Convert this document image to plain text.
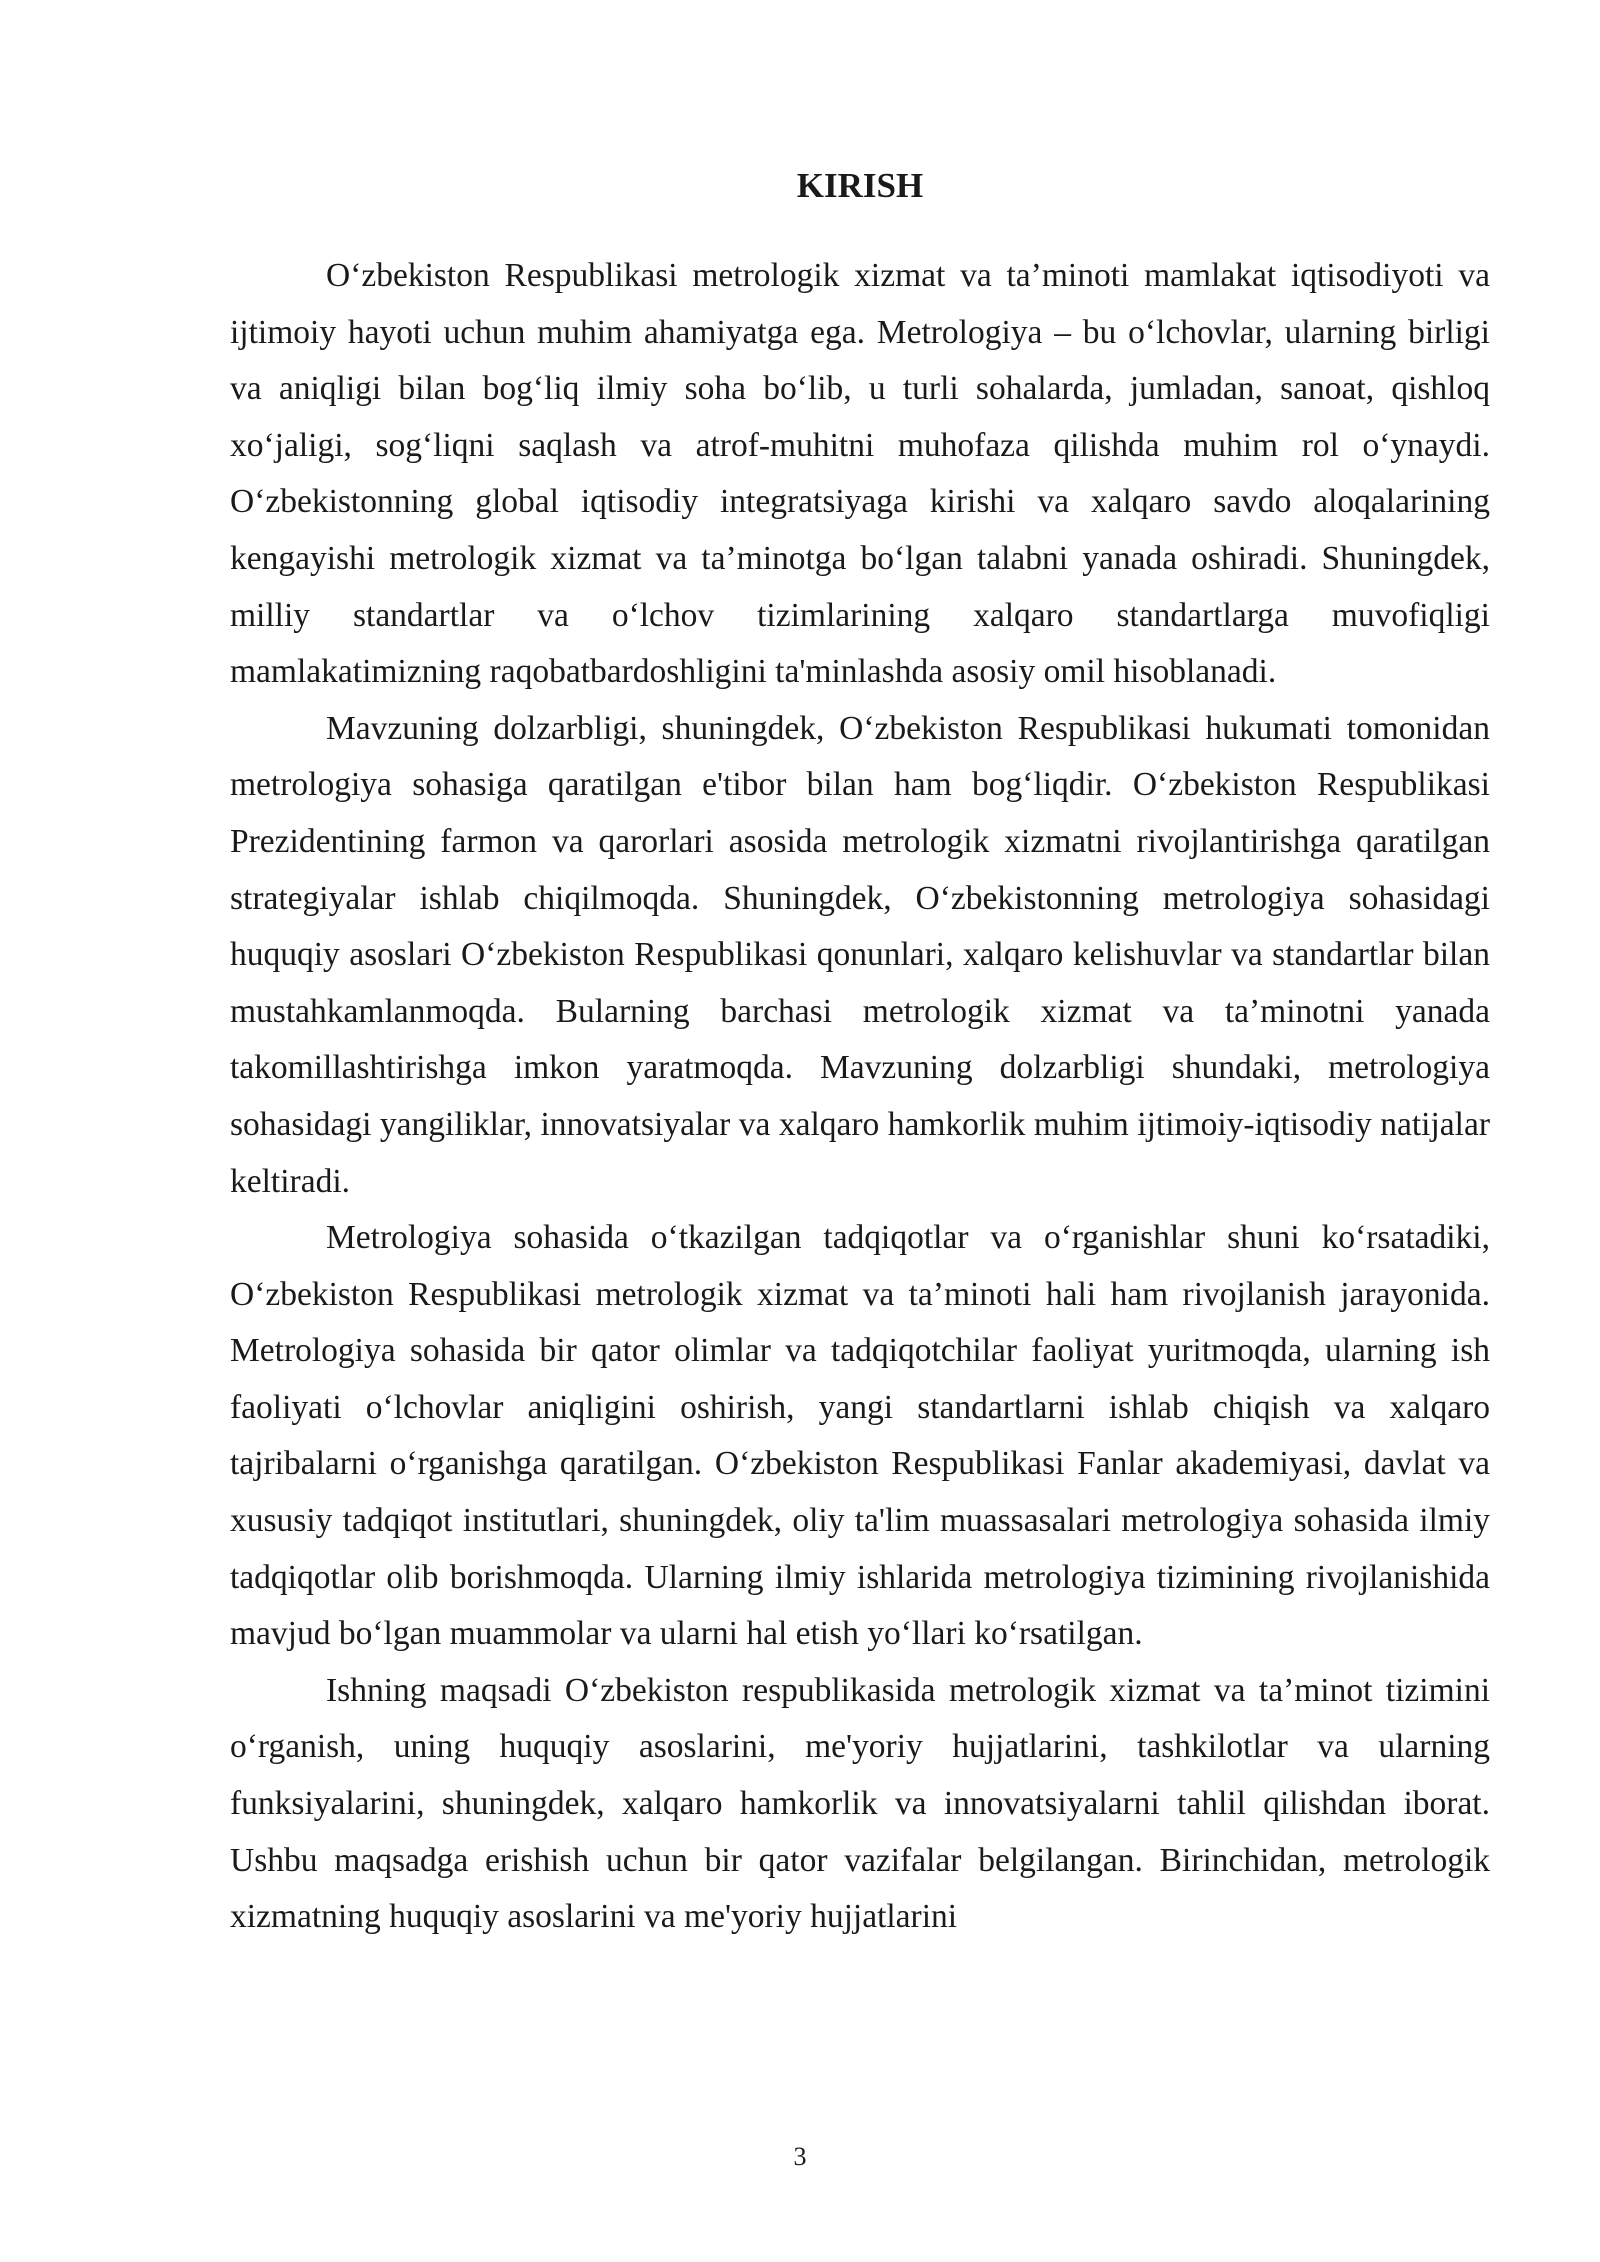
KIRISH

O‘zbekiston Respublikasi metrologik xizmat va ta’minoti mamlakat iqtisodiyoti va ijtimoiy hayoti uchun muhim ahamiyatga ega. Metrologiya – bu o‘lchovlar, ularning birligi va aniqligi bilan bog‘liq ilmiy soha bo‘lib, u turli sohalarda, jumladan, sanoat, qishloq xo‘jaligi, sog‘liqni saqlash va atrof-muhitni muhofaza qilishda muhim rol o‘ynaydi. O‘zbekistonning global iqtisodiy integratsiyaga kirishi va xalqaro savdo aloqalarining kengayishi metrologik xizmat va ta’minotga bo‘lgan talabni yanada oshiradi. Shuningdek, milliy standartlar va o‘lchov tizimlarining xalqaro standartlarga muvofiqligi mamlakatimizning raqobatbardoshligini ta'minlashda asosiy omil hisoblanadi.

Mavzuning dolzarbligi, shuningdek, O‘zbekiston Respublikasi hukumati tomonidan metrologiya sohasiga qaratilgan e'tibor bilan ham bog‘liqdir. O‘zbekiston Respublikasi Prezidentining farmon va qarorlari asosida metrologik xizmatni rivojlantirishga qaratilgan strategiyalar ishlab chiqilmoqda. Shuningdek, O‘zbekistonning metrologiya sohasidagi huquqiy asoslari O‘zbekiston Respublikasi qonunlari, xalqaro kelishuvlar va standartlar bilan mustahkamlanmoqda. Bularning barchasi metrologik xizmat va ta’minotni yanada takomillashtirishga imkon yaratmoqda. Mavzuning dolzarbligi shundaki, metrologiya sohasidagi yangiliklar, innovatsiyalar va xalqaro hamkorlik muhim ijtimoiy-iqtisodiy natijalar keltiradi.

Metrologiya sohasida o‘tkazilgan tadqiqotlar va o‘rganishlar shuni ko‘rsatadiki, O‘zbekiston Respublikasi metrologik xizmat va ta’minoti hali ham rivojlanish jarayonida. Metrologiya sohasida bir qator olimlar va tadqiqotchilar faoliyat yuritmoqda, ularning ish faoliyati o‘lchovlar aniqligini oshirish, yangi standartlarni ishlab chiqish va xalqaro tajribalarni o‘rganishga qaratilgan. O‘zbekiston Respublikasi Fanlar akademiyasi, davlat va xususiy tadqiqot institutlari, shuningdek, oliy ta'lim muassasalari metrologiya sohasida ilmiy tadqiqotlar olib borishmoqda. Ularning ilmiy ishlarida metrologiya tizimining rivojlanishida mavjud bo‘lgan muammolar va ularni hal etish yo‘llari ko‘rsatilgan.

Ishning maqsadi O‘zbekiston respublikasida metrologik xizmat va ta’minot tizimini o‘rganish, uning huquqiy asoslarini, me'yoriy hujjatlarini, tashkilotlar va ularning funksiyalarini, shuningdek, xalqaro hamkorlik va innovatsiyalarni tahlil qilishdan iborat. Ushbu maqsadga erishish uchun bir qator vazifalar belgilangan. Birinchidan, metrologik xizmatning huquqiy asoslarini va me'yoriy hujjatlarini

3
